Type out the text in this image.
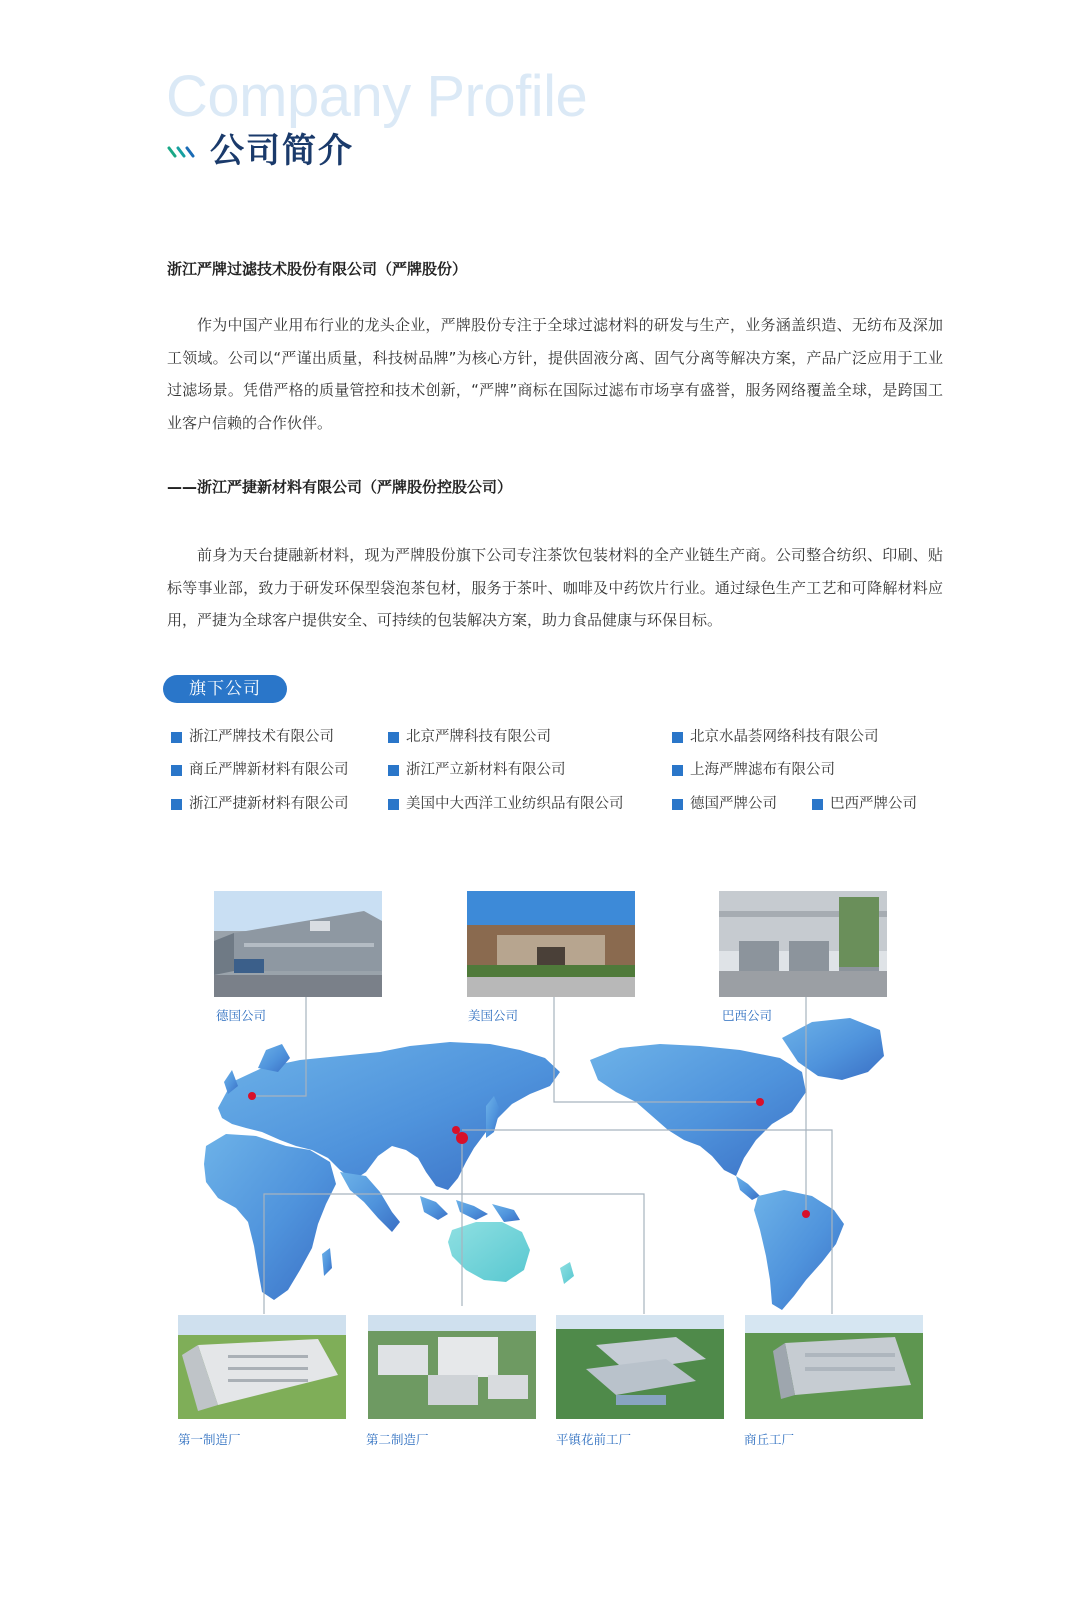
Company Profile
公司简介
浙江严牌过滤技术股份有限公司（严牌股份）

作为中国产业用布行业的龙头企业，严牌股份专注于全球过滤材料的研发与生产，业务涵盖织造、无纺布及深加工领域。公司以“严谨出质量，科技树品牌”为核心方针，提供固液分离、固气分离等解决方案，产品广泛应用于工业过滤场景。凭借严格的质量管控和技术创新，“严牌”商标在国际过滤布市场享有盛誉，服务网络覆盖全球，是跨国工业客户信赖的合作伙伴。

——浙江严捷新材料有限公司（严牌股份控股公司）

前身为天台捷融新材料，现为严牌股份旗下公司专注茶饮包装材料的全产业链生产商。公司整合纺织、印刷、贴标等事业部，致力于研发环保型袋泡茶包材，服务于茶叶、咖啡及中药饮片行业。通过绿色生产工艺和可降解材料应用，严捷为全球客户提供安全、可持续的包装解决方案，助力食品健康与环保目标。

旗下公司
浙江严牌技术有限公司	北京严牌科技有限公司	北京水晶荟网络科技有限公司
商丘严牌新材料有限公司	浙江严立新材料有限公司	上海严牌滤布有限公司
浙江严捷新材料有限公司	美国中大西洋工业纺织品有限公司	德国严牌公司	巴西严牌公司
德国公司	美国公司	巴西公司
第一制造厂	第二制造厂	平镇花前工厂	商丘工厂
